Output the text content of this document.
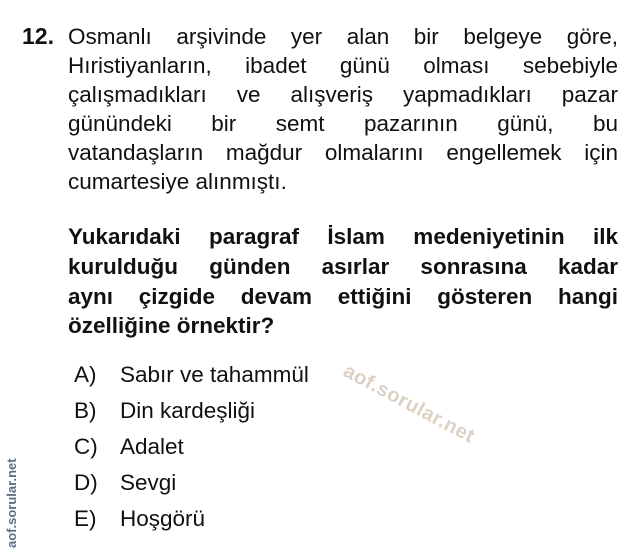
12. Osmanlı arşivinde yer alan bir belgeye göre,
Hıristiyanların, ibadet günü olması sebebiyle
çalışmadıkları ve alışveriş yapmadıkları pazar
günündeki bir semt pazarının günü, bu
vatandaşların mağdur olmalarını engellemek için
cumartesiye alınmıştı.
Yukarıdaki paragraf İslam medeniyetinin ilk
kurulduğu günden asırlar sonrasına kadar
aynı çizgide devam ettiğini gösteren hangi
özelliğine örnektir?
A)	Sabır ve tahammül
B)	Din kardeşliği
C) Adalet
D) Sevgi
E)	Hoşgörü
aof.sorular.net
aof.sorular.net
